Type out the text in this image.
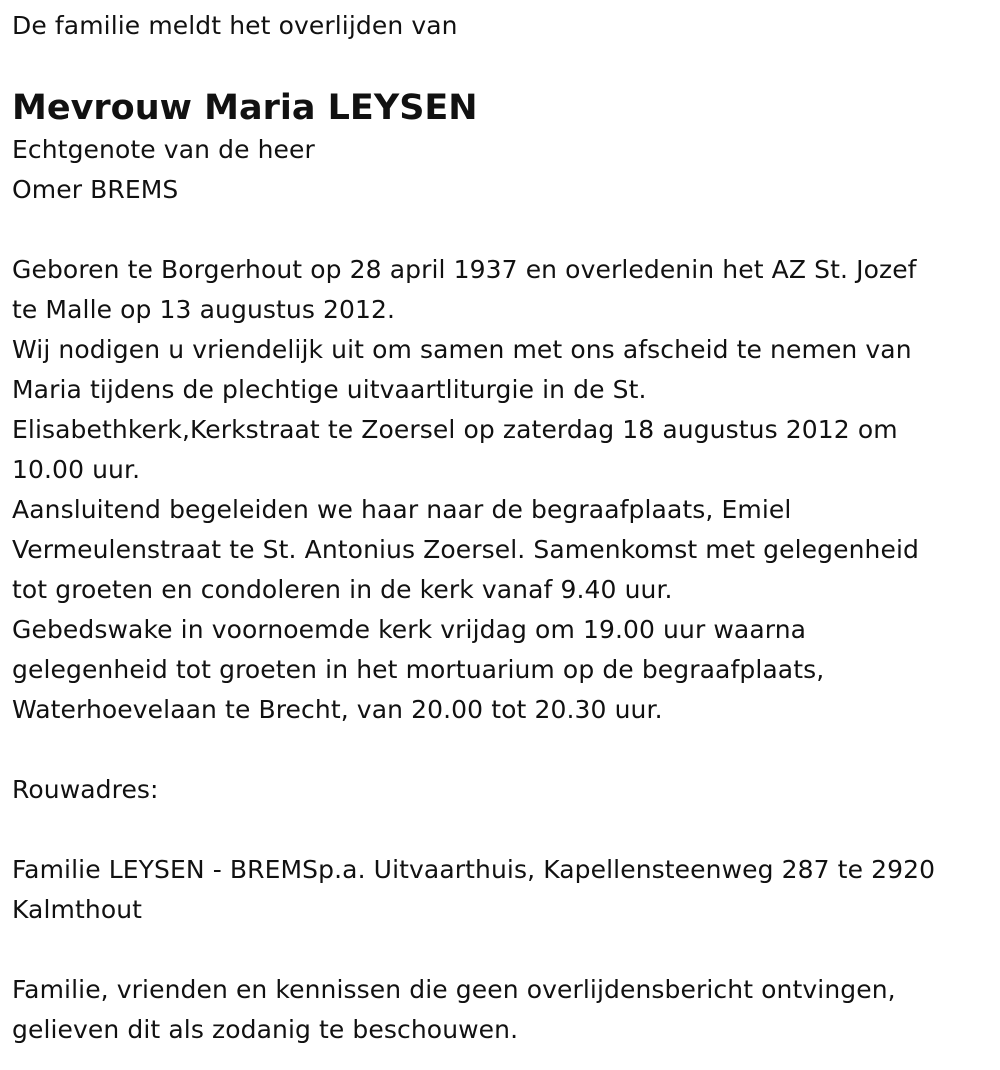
De familie meldt het overlijden van
Mevrouw Maria LEYSEN
Echtgenote van de heer
Omer BREMS
Geboren te Borgerhout op 28 april 1937 en overledenin het AZ St. Jozef
te Malle op 13 augustus 2012.
Wij nodigen u vriendelijk uit om samen met ons afscheid te nemen van
Maria tijdens de plechtige uitvaartliturgie in de St.
Elisabethkerk,Kerkstraat te Zoersel op zaterdag 18 augustus 2012 om
10.00 uur.
Aansluitend begeleiden we haar naar de begraafplaats, Emiel
Vermeulenstraat te St. Antonius Zoersel. Samenkomst met gelegenheid
tot groeten en condoleren in de kerk vanaf 9.40 uur.
Gebedswake in voornoemde kerk vrijdag om 19.00 uur waarna
gelegenheid tot groeten in het mortuarium op de begraafplaats,
Waterhoevelaan te Brecht, van 20.00 tot 20.30 uur.
Rouwadres:
Familie LEYSEN - BREMSp.a. Uitvaarthuis, Kapellensteenweg 287 te 2920
Kalmthout
Familie, vrienden en kennissen die geen overlijdensbericht ontvingen,
gelieven dit als zodanig te beschouwen.
